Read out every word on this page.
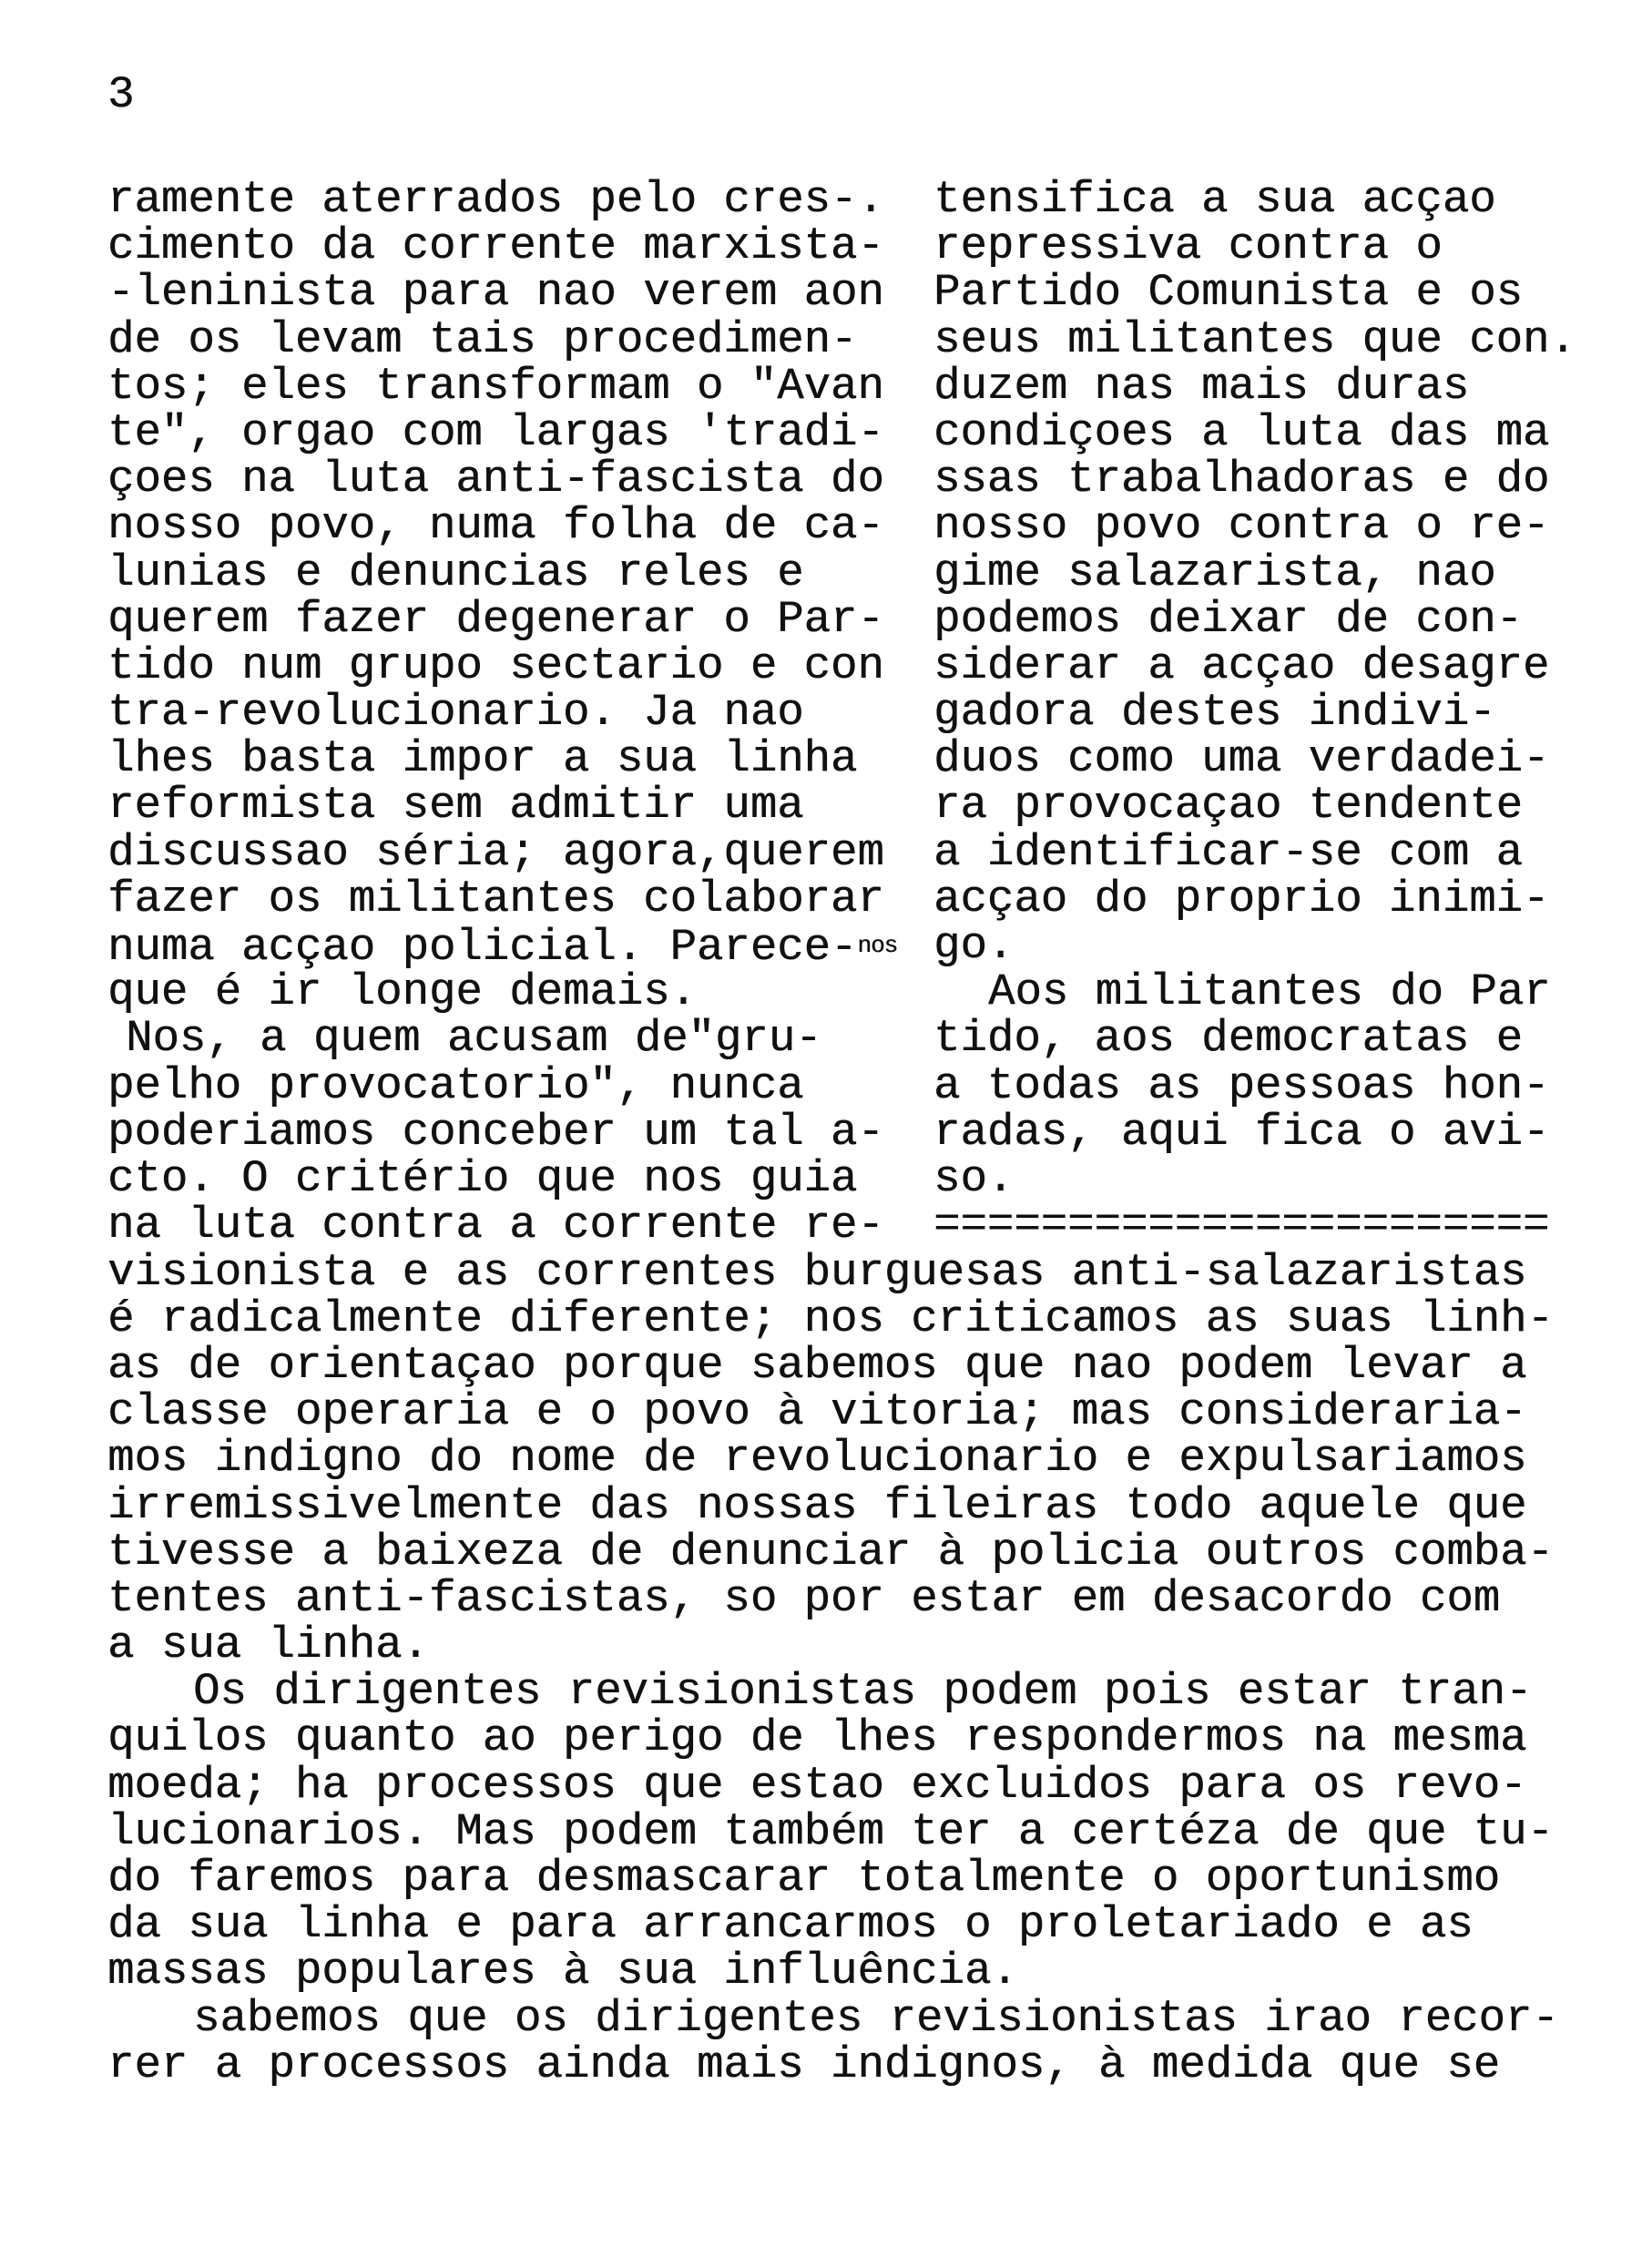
3
ramente aterrados pelo cres-.
cimento da corrente marxista-
-leninista para nao verem aon
de os levam tais procedimen-
tos; eles transformam o "Avan
te", orgao com largas 'tradi-
çoes na luta anti-fascista do
nosso povo, numa folha de ca-
lunias e denuncias reles e
querem fazer degenerar o Par-
tido num grupo sectario e con
tra-revolucionario. Ja nao
lhes basta impor a sua linha
reformista sem admitir uma
discussao séria; agora,querem
fazer os militantes colaborar
numa acçao policial. Parece-nos
que é ir longe demais.
Nos, a quem acusam de"gru-
pelho provocatorio", nunca
poderiamos conceber um tal a-
cto. O critério que nos guia
na luta contra a corrente re-
tensifica a sua acçao
repressiva contra o
Partido Comunista e os
seus militantes que con.
duzem nas mais duras
condiçoes a luta das ma
ssas trabalhadoras e do
nosso povo contra o re-
gime salazarista, nao
podemos deixar de con-
siderar a acçao desagre
gadora destes indivi-
duos como uma verdadei-
ra provocaçao tendente
a identificar-se com a
acçao do proprio inimi-
go.
Aos militantes do Par
tido, aos democratas e
a todas as pessoas hon-
radas, aqui fica o avi-
so.
=======================
visionista e as correntes burguesas anti-salazaristas
é radicalmente diferente; nos criticamos as suas linh-
as de orientaçao porque sabemos que nao podem levar a
classe operaria e o povo à vitoria; mas consideraria-
mos indigno do nome de revolucionario e expulsariamos
irremissivelmente das nossas fileiras todo aquele que
tivesse a baixeza de denunciar à policia outros comba-
tentes anti-fascistas, so por estar em desacordo com
a sua linha.
Os dirigentes revisionistas podem pois estar tran-
quilos quanto ao perigo de lhes respondermos na mesma
moeda; ha processos que estao excluidos para os revo-
lucionarios. Mas podem também ter a certéza de que tu-
do faremos para desmascarar totalmente o oportunismo
da sua linha e para arrancarmos o proletariado e as
massas populares à sua influência.
sabemos que os dirigentes revisionistas irao recor-
rer a processos ainda mais indignos, à medida que se
